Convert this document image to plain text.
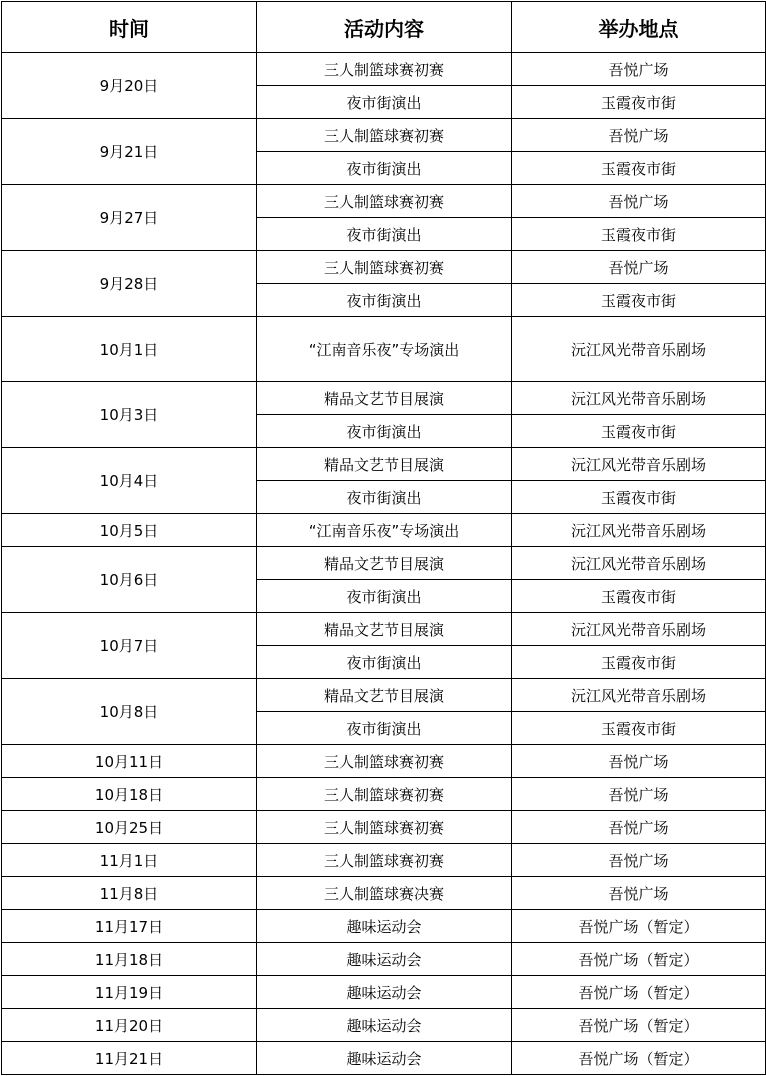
时间	活动内容	举办地点
9月20日	三人制篮球赛初赛	吾悦广场
	夜市街演出	玉霞夜市街
9月21日	三人制篮球赛初赛	吾悦广场
	夜市街演出	玉霞夜市街
9月27日	三人制篮球赛初赛	吾悦广场
	夜市街演出	玉霞夜市街
9月28日	三人制篮球赛初赛	吾悦广场
	夜市街演出	玉霞夜市街
10月1日	“江南音乐夜”专场演出	沅江风光带音乐剧场
10月3日	精品文艺节目展演	沅江风光带音乐剧场
	夜市街演出	玉霞夜市街
10月4日	精品文艺节目展演	沅江风光带音乐剧场
	夜市街演出	玉霞夜市街
10月5日	“江南音乐夜”专场演出	沅江风光带音乐剧场
10月6日	精品文艺节目展演	沅江风光带音乐剧场
	夜市街演出	玉霞夜市街
10月7日	精品文艺节目展演	沅江风光带音乐剧场
	夜市街演出	玉霞夜市街
10月8日	精品文艺节目展演	沅江风光带音乐剧场
	夜市街演出	玉霞夜市街
10月11日	三人制篮球赛初赛	吾悦广场
10月18日	三人制篮球赛初赛	吾悦广场
10月25日	三人制篮球赛初赛	吾悦广场
11月1日	三人制篮球赛初赛	吾悦广场
11月8日	三人制篮球赛决赛	吾悦广场
11月17日	趣味运动会	吾悦广场（暂定）
11月18日	趣味运动会	吾悦广场（暂定）
11月19日	趣味运动会	吾悦广场（暂定）
11月20日	趣味运动会	吾悦广场（暂定）
11月21日	趣味运动会	吾悦广场（暂定）
